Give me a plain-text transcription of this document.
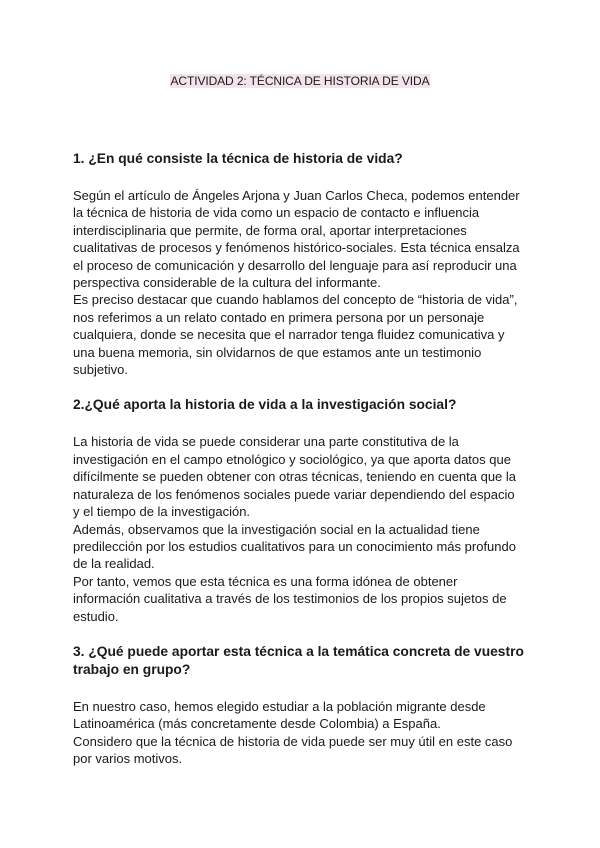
ACTIVIDAD 2: TÉCNICA DE HISTORIA DE VIDA

1. ¿En qué consiste la técnica de historia de vida?

Según el artículo de Ángeles Arjona y Juan Carlos Checa, podemos entender
la técnica de historia de vida como un espacio de contacto e influencia
interdisciplinaria que permite, de forma oral, aportar interpretaciones
cualitativas de procesos y fenómenos histórico-sociales. Esta técnica ensalza
el proceso de comunicación y desarrollo del lenguaje para así reproducir una
perspectiva considerable de la cultura del informante.

Es preciso destacar que cuando hablamos del concepto de “historia de vida”,
nos referimos a un relato contado en primera persona por un personaje
cualquiera, donde se necesita que el narrador tenga fluidez comunicativa y
una buena memoria, sin olvidarnos de que estamos ante un testimonio
subjetivo.

2.¿Qué aporta la historia de vida a la investigación social?

La historia de vida se puede considerar una parte constitutiva de la
investigación en el campo etnológico y sociológico, ya que aporta datos que
difícilmente se pueden obtener con otras técnicas, teniendo en cuenta que la
naturaleza de los fenómenos sociales puede variar dependiendo del espacio
y el tiempo de la investigación.

Además, observamos que la investigación social en la actualidad tiene
predilección por los estudios cualitativos para un conocimiento más profundo
de la realidad.

Por tanto, vemos que esta técnica es una forma idónea de obtener
información cualitativa a través de los testimonios de los propios sujetos de
estudio.

3. ¿Qué puede aportar esta técnica a la temática concreta de vuestro
trabajo en grupo?

En nuestro caso, hemos elegido estudiar a la población migrante desde
Latinoamérica (más concretamente desde Colombia) a España.

Considero que la técnica de historia de vida puede ser muy útil en este caso
por varios motivos.
